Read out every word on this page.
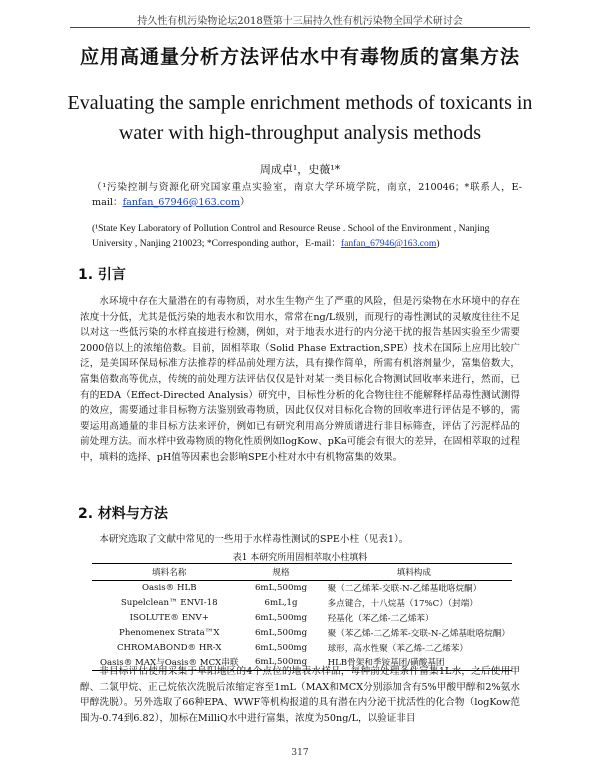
持久性有机污染物论坛2018暨第十三届持久性有机污染物全国学术研讨会
应用高通量分析方法评估水中有毒物质的富集方法
Evaluating the sample enrichment methods of toxicants in
water with high-throughput analysis methods
周成卓¹，史薇¹*
（¹污染控制与资源化研究国家重点实验室，南京大学环境学院，南京，210046；*联系人，E-mail：fanfan_67946@163.com）
(¹State Key Laboratory of Pollution Control and Resource Reuse . School of the Environment , Nanjing University , Nanjing 210023; *Corresponding author，E-mail：fanfan_67946@163.com)
1. 引言

水环境中存在大量潜在的有毒物质，对水生生物产生了严重的风险，但是污染物在水环境中的存在浓度十分低，尤其是低污染的地表水和饮用水，常常在ng/L级别，而现行的毒性测试的灵敏度往往不足以对这一些低污染的水样直接进行检测，例如，对于地表水进行的内分泌干扰的报告基因实验至少需要2000倍以上的浓缩倍数。目前，固相萃取（Solid Phase Extraction,SPE）技术在国际上应用比较广泛，是美国环保局标准方法推荐的样品前处理方法，具有操作简单，所需有机溶剂量少，富集倍数大，富集倍数高等优点，传统的前处理方法评估仅仅是针对某一类目标化合物测试回收率来进行，然而，已有的EDA（Effect-Directed Analysis）研究中，目标性分析的化合物往往不能解释样品毒性测试测得的效应，需要通过非目标物方法鉴别致毒物质，因此仅仅对目标化合物的回收率进行评估是不够的，需要运用高通量的非目标方法来评价，例如已有研究利用高分辨质谱进行非目标筛查，评估了污泥样品的前处理方法。而水样中致毒物质的物化性质例如logKow、pKa可能会有很大的差异，在固相萃取的过程中，填料的选择、pH值等因素也会影响SPE小柱对水中有机物富集的效果。

2. 材料与方法

本研究选取了文献中常见的一些用于水样毒性测试的SPE小柱（见表1）。

表1 本研究所用固相萃取小柱填料
填料名称	规格	填料构成
Oasis® HLB	6mL,500mg	聚（二乙烯苯-交联-N-乙烯基吡咯烷酮）
Supelclean™ ENVI-18	6mL,1g	多点键合，十八烷基（17%C）（封端）
ISOLUTE® ENV+	6mL,500mg	羟基化（苯乙烯-二乙烯苯）
Phenomenex Strata™X	6mL,500mg	聚（苯乙烯-二乙烯苯-交联-N-乙烯基吡咯烷酮）
CHROMABOND® HR-X	6mL,500mg	球形，高水性聚（苯乙烯-二乙烯苯）
Oasis® MAX与Oasis® MCX串联	6mL,500mg	HLB骨架和季铵基团/磺酸基团

非目标评估使用采集于阜阳地区的4个点位的地表水样品，每种前处理条件富集1L水，之后使用甲醇、二氯甲烷、正己烷依次洗脱后浓缩定容至1mL（MAX和MCX分别添加含有5%甲酸甲醇和2%氨水甲醇洗脱）。另外选取了66种EPA、WWF等机构报道的具有潜在内分泌干扰活性的化合物（logKow范围为-0.74到6.82），加标在MilliQ水中进行富集，浓度为50ng/L，以验证非目

317
